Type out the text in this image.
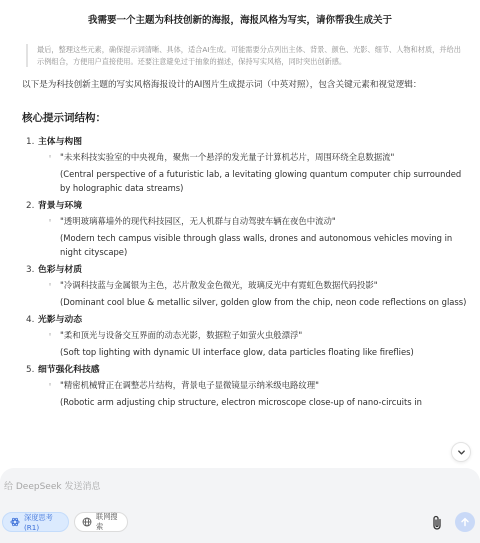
我需要一个主题为科技创新的海报，海报风格为写实，请你帮我生成关于
最后，整理这些元素，确保提示词清晰、具体，适合AI生成。可能需要分点列出主体、背景、颜色、光影、细节、人物和材质，并给出示例组合，方便用户直接使用。还要注意避免过于抽象的描述，保持写实风格，同时突出创新感。
以下是为科技创新主题的写实风格海报设计的AI图片生成提示词（中英对照），包含关键元素和视觉逻辑：
核心提示词结构：
1. 主体与构图
◦ "未来科技实验室的中央视角，聚焦一个悬浮的发光量子计算机芯片，周围环绕全息数据流"
(Central perspective of a futuristic lab, a levitating glowing quantum computer chip surrounded by holographic data streams)
2. 背景与环境
◦ "透明玻璃幕墙外的现代科技园区，无人机群与自动驾驶车辆在夜色中流动"
(Modern tech campus visible through glass walls, drones and autonomous vehicles moving in night cityscape)
3. 色彩与材质
◦ "冷调科技蓝与金属银为主色，芯片散发金色微光，玻璃反光中有霓虹色数据代码投影"
(Dominant cool blue & metallic silver, golden glow from the chip, neon code reflections on glass)
4. 光影与动态
◦ "柔和顶光与设备交互界面的动态光影，数据粒子如萤火虫般漂浮"
(Soft top lighting with dynamic UI interface glow, data particles floating like fireflies)
5. 细节强化科技感
◦ "精密机械臂正在调整芯片结构，背景电子显微镜显示纳米级电路纹理"
(Robotic arm adjusting chip structure, electron microscope close-up of nano-circuits in
给 DeepSeek 发送消息
深度思考 (R1)
联网搜索
